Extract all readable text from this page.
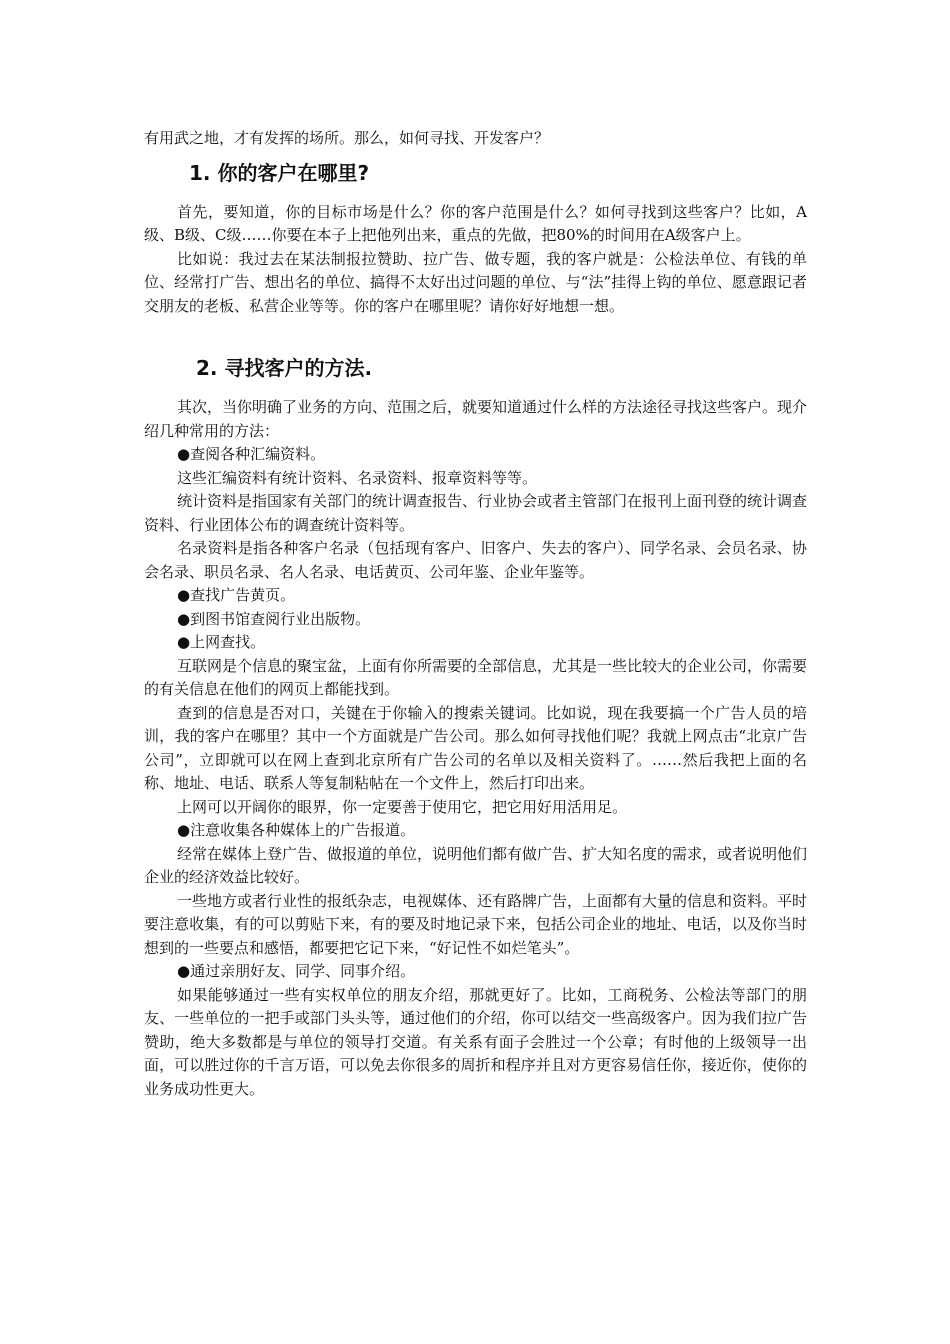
有用武之地，才有发挥的场所。那么，如何寻找、开发客户？

1. 你的客户在哪里?

首先，要知道，你的目标市场是什么？你的客户范围是什么？如何寻找到这些客户？比如，A级、B级、C级……你要在本子上把他列出来，重点的先做，把80%的时间用在A级客户上。

比如说：我过去在某法制报拉赞助、拉广告、做专题，我的客户就是：公检法单位、有钱的单位、经常打广告、想出名的单位、搞得不太好出过问题的单位、与“法”挂得上钩的单位、愿意跟记者交朋友的老板、私营企业等等。你的客户在哪里呢？请你好好地想一想。

2. 寻找客户的方法.

其次，当你明确了业务的方向、范围之后，就要知道通过什么样的方法途径寻找这些客户。现介绍几种常用的方法：

●查阅各种汇编资料。

这些汇编资料有统计资料、名录资料、报章资料等等。

统计资料是指国家有关部门的统计调查报告、行业协会或者主管部门在报刊上面刊登的统计调查资料、行业团体公布的调查统计资料等。

名录资料是指各种客户名录（包括现有客户、旧客户、失去的客户）、同学名录、会员名录、协会名录、职员名录、名人名录、电话黄页、公司年鉴、企业年鉴等。

●查找广告黄页。

●到图书馆查阅行业出版物。

●上网查找。

互联网是个信息的聚宝盆，上面有你所需要的全部信息，尤其是一些比较大的企业公司，你需要的有关信息在他们的网页上都能找到。

查到的信息是否对口，关键在于你输入的搜索关键词。比如说，现在我要搞一个广告人员的培训，我的客户在哪里？其中一个方面就是广告公司。那么如何寻找他们呢？我就上网点击“北京广告公司”，立即就可以在网上查到北京所有广告公司的名单以及相关资料了。……然后我把上面的名称、地址、电话、联系人等复制粘帖在一个文件上，然后打印出来。

上网可以开阔你的眼界，你一定要善于使用它，把它用好用活用足。

●注意收集各种媒体上的广告报道。

经常在媒体上登广告、做报道的单位，说明他们都有做广告、扩大知名度的需求，或者说明他们企业的经济效益比较好。

一些地方或者行业性的报纸杂志，电视媒体、还有路牌广告，上面都有大量的信息和资料。平时要注意收集，有的可以剪贴下来，有的要及时地记录下来，包括公司企业的地址、电话，以及你当时想到的一些要点和感悟，都要把它记下来，“好记性不如烂笔头”。

●通过亲朋好友、同学、同事介绍。

如果能够通过一些有实权单位的朋友介绍，那就更好了。比如，工商税务、公检法等部门的朋友、一些单位的一把手或部门头头等，通过他们的介绍，你可以结交一些高级客户。因为我们拉广告赞助，绝大多数都是与单位的领导打交道。有关系有面子会胜过一个公章；有时他的上级领导一出面，可以胜过你的千言万语，可以免去你很多的周折和程序并且对方更容易信任你，接近你，使你的业务成功性更大。
